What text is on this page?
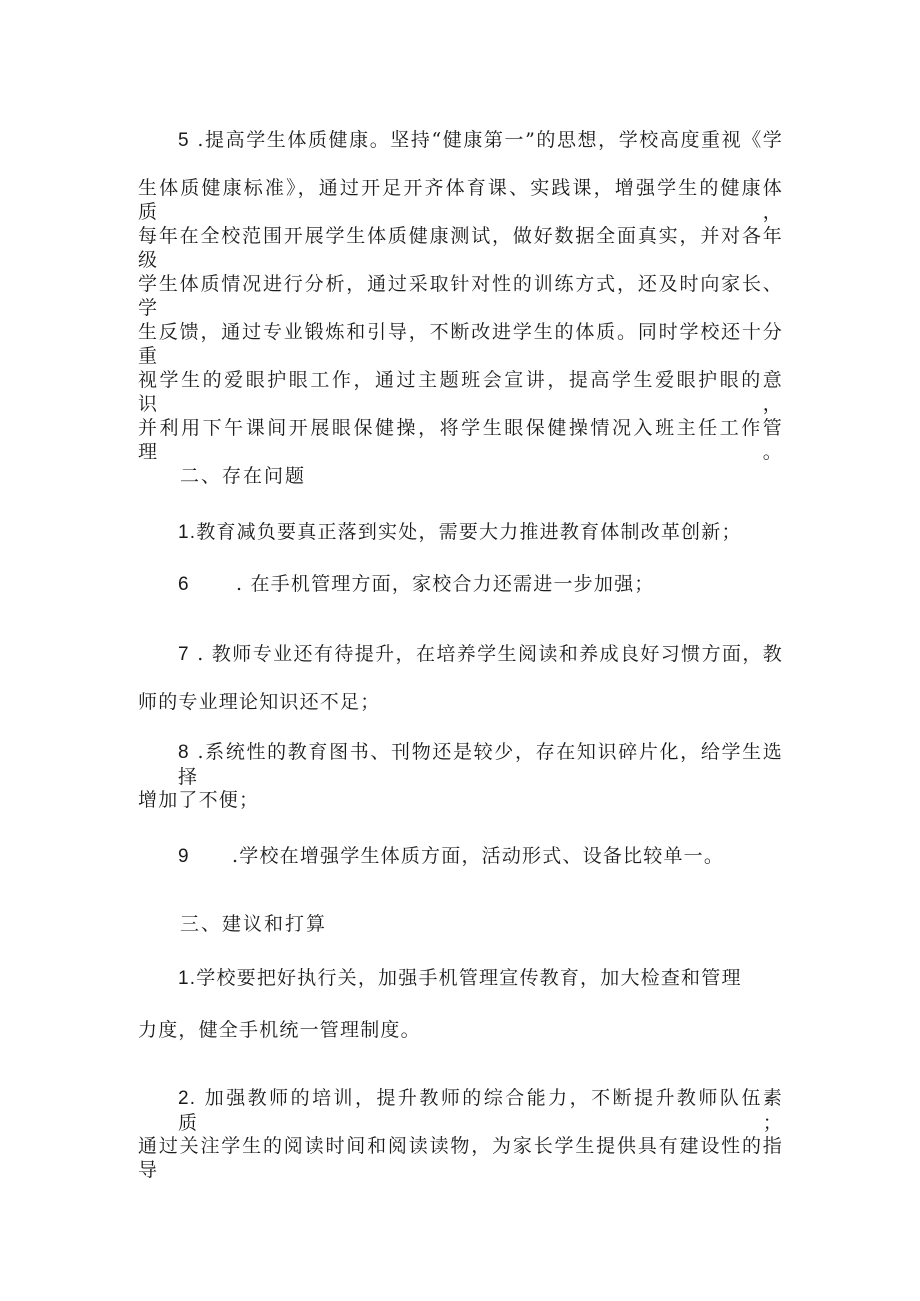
5 .提高学生体质健康。坚持“健康第一”的思想，学校高度重视《学
生体质健康标准》，通过开足开齐体育课、实践课，增强学生的健康体质，
每年在全校范围开展学生体质健康测试，做好数据全面真实，并对各年级
学生体质情况进行分析，通过采取针对性的训练方式，还及时向家长、学
生反馈，通过专业锻炼和引导，不断改进学生的体质。同时学校还十分重
视学生的爱眼护眼工作，通过主题班会宣讲，提高学生爱眼护眼的意识，
并利用下午课间开展眼保健操，将学生眼保健操情况入班主任工作管理。
二、存在问题
1.教育减负要真正落到实处，需要大力推进教育体制改革创新；
6 . 在手机管理方面，家校合力还需进一步加强；
7 . 教师专业还有待提升，在培养学生阅读和养成良好习惯方面，教
师的专业理论知识还不足；
8 .系统性的教育图书、刊物还是较少，存在知识碎片化，给学生选择
增加了不便；
9 .学校在增强学生体质方面，活动形式、设备比较单一。
三、建议和打算
1.学校要把好执行关，加强手机管理宣传教育，加大检查和管理
力度，健全手机统一管理制度。
2. 加强教师的培训，提升教师的综合能力，不断提升教师队伍素质；
通过关注学生的阅读时间和阅读读物，为家长学生提供具有建设性的指导
